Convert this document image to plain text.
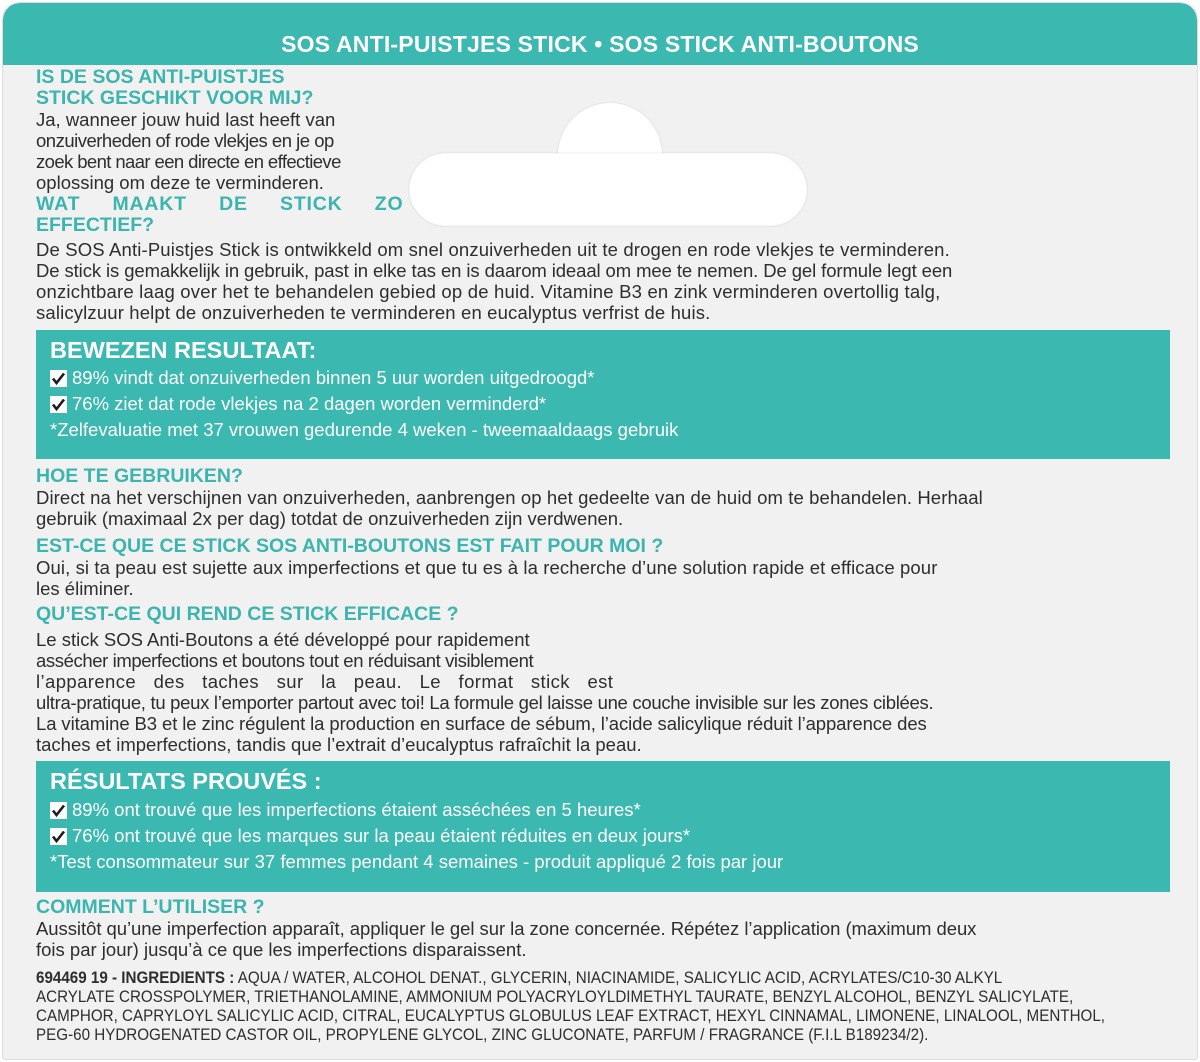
SOS ANTI-PUISTJES STICK • SOS STICK ANTI-BOUTONS
IS DE SOS ANTI-PUISTJES
STICK GESCHIKT VOOR MIJ?
Ja, wanneer jouw huid last heeft van
onzuiverheden of rode vlekjes en je op
zoek bent naar een directe en effectieve
oplossing om deze te verminderen.
WAT MAAKT DE STICK ZO
EFFECTIEF?
De SOS Anti-Puistjes Stick is ontwikkeld om snel onzuiverheden uit te drogen en rode vlekjes te verminderen.
De stick is gemakkelijk in gebruik, past in elke tas en is daarom ideaal om mee te nemen. De gel formule legt een
onzichtbare laag over het te behandelen gebied op de huid. Vitamine B3 en zink verminderen overtollig talg,
salicylzuur helpt de onzuiverheden te verminderen en eucalyptus verfrist de huis.
BEWEZEN RESULTAAT:
89% vindt dat onzuiverheden binnen 5 uur worden uitgedroogd*
76% ziet dat rode vlekjes na 2 dagen worden verminderd*
*Zelfevaluatie met 37 vrouwen gedurende 4 weken - tweemaaldaags gebruik
HOE TE GEBRUIKEN?
Direct na het verschijnen van onzuiverheden, aanbrengen op het gedeelte van de huid om te behandelen. Herhaal
gebruik (maximaal 2x per dag) totdat de onzuiverheden zijn verdwenen.
EST-CE QUE CE STICK SOS ANTI-BOUTONS EST FAIT POUR MOI ?
Oui, si ta peau est sujette aux imperfections et que tu es à la recherche d’une solution rapide et efficace pour
les éliminer.
QU’EST-CE QUI REND CE STICK EFFICACE ?
Le stick SOS Anti-Boutons a été développé pour rapidement
assécher imperfections et boutons tout en réduisant visiblement
l’apparence des taches sur la peau. Le format stick est
ultra-pratique, tu peux l’emporter partout avec toi! La formule gel laisse une couche invisible sur les zones ciblées.
La vitamine B3 et le zinc régulent la production en surface de sébum, l’acide salicylique réduit l’apparence des
taches et imperfections, tandis que l’extrait d’eucalyptus rafraîchit la peau.
RÉSULTATS PROUVÉS :
89% ont trouvé que les imperfections étaient asséchées en 5 heures*
76% ont trouvé que les marques sur la peau étaient réduites en deux jours*
*Test consommateur sur 37 femmes pendant 4 semaines - produit appliqué 2 fois par jour
COMMENT L’UTILISER ?
Aussitôt qu’une imperfection apparaît, appliquer le gel sur la zone concernée. Répétez l’application (maximum deux
fois par jour) jusqu’à ce que les imperfections disparaissent.
694469 19 - INGREDIENTS : AQUA / WATER, ALCOHOL DENAT., GLYCERIN, NIACINAMIDE, SALICYLIC ACID, ACRYLATES/C10-30 ALKYL
ACRYLATE CROSSPOLYMER, TRIETHANOLAMINE, AMMONIUM POLYACRYLOYLDIMETHYL TAURATE, BENZYL ALCOHOL, BENZYL SALICYLATE,
CAMPHOR, CAPRYLOYL SALICYLIC ACID, CITRAL, EUCALYPTUS GLOBULUS LEAF EXTRACT, HEXYL CINNAMAL, LIMONENE, LINALOOL, MENTHOL,
PEG-60 HYDROGENATED CASTOR OIL, PROPYLENE GLYCOL, ZINC GLUCONATE, PARFUM / FRAGRANCE (F.I.L B189234/2).
